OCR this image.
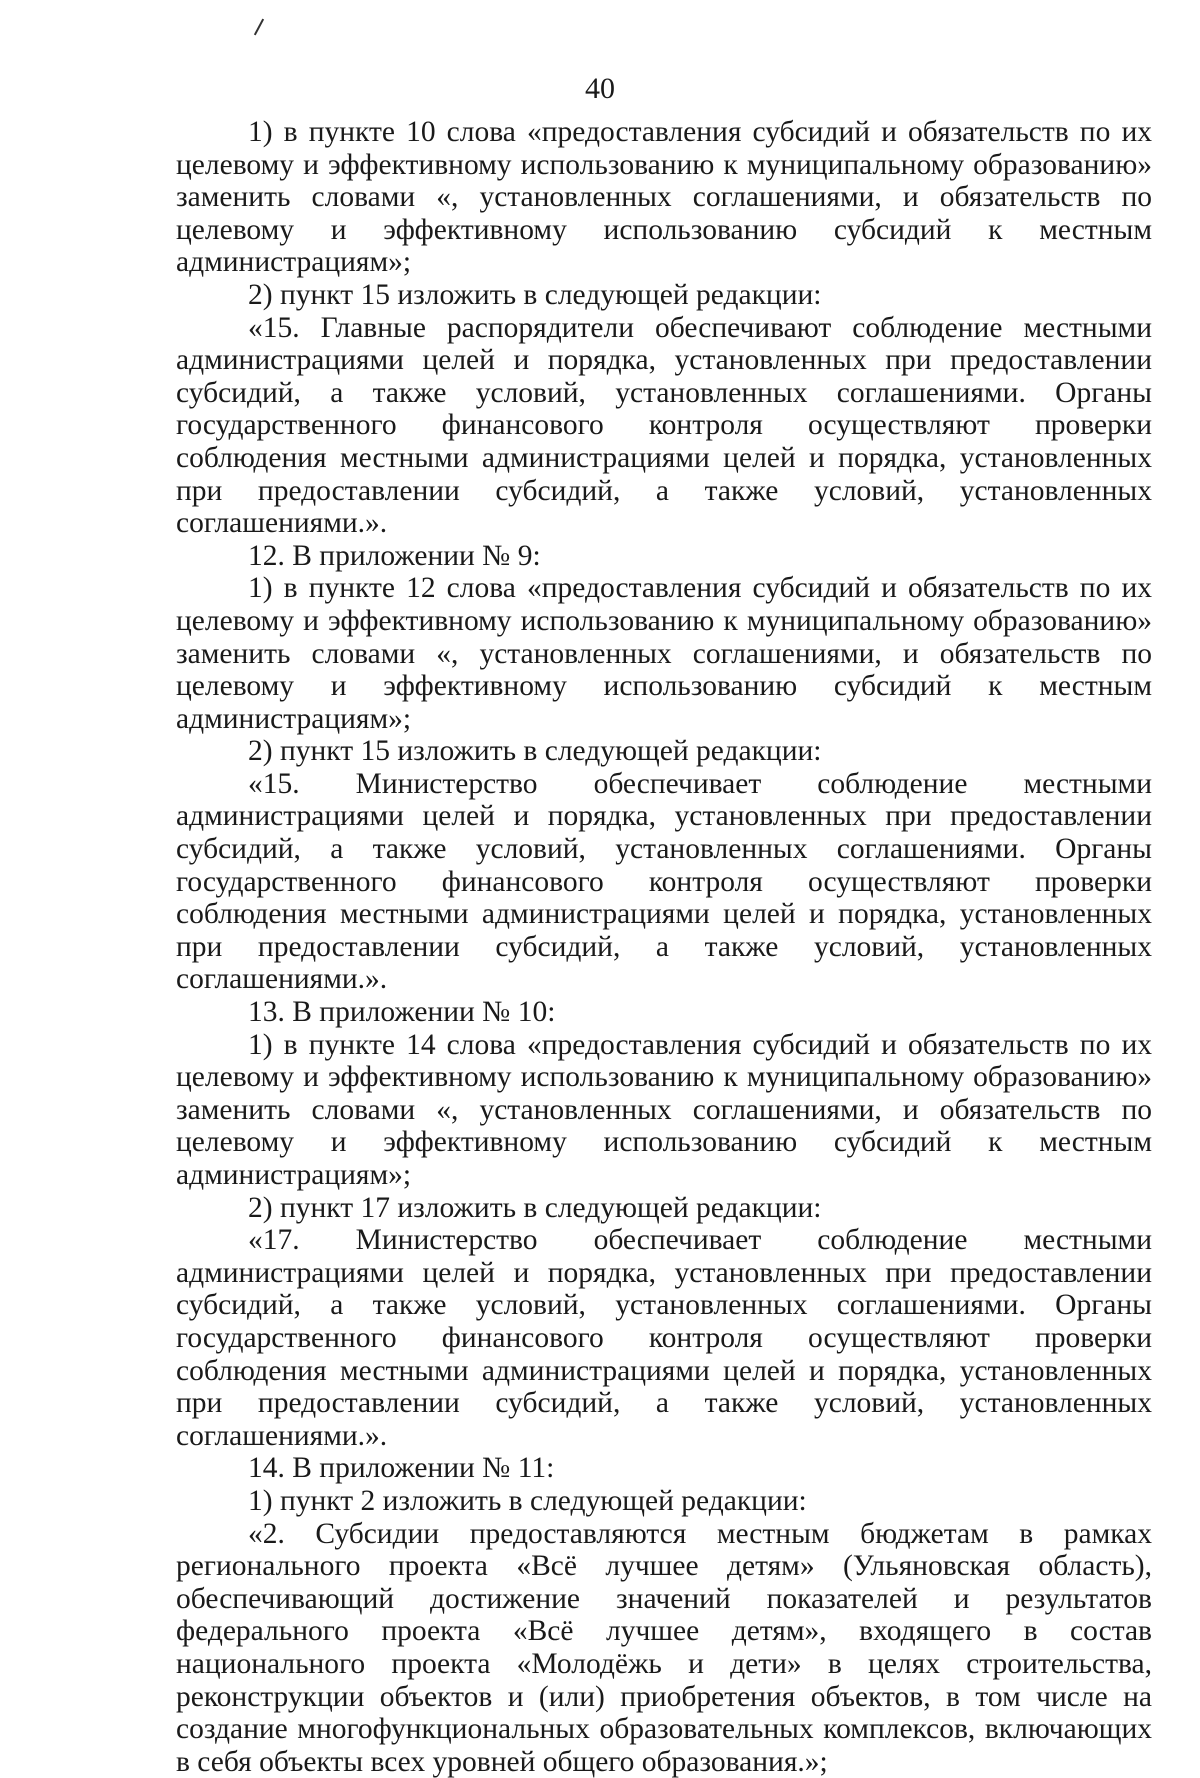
40

1) в пункте 10 слова «предоставления субсидий и обязательств по их целевому и эффективному использованию к муниципальному образованию» заменить словами «, установленных соглашениями, и обязательств по целевому и эффективному использованию субсидий к местным администрациям»;

2) пункт 15 изложить в следующей редакции:

«15. Главные распорядители обеспечивают соблюдение местными администрациями целей и порядка, установленных при предоставлении субсидий, а также условий, установленных соглашениями. Органы государственного финансового контроля осуществляют проверки соблюдения местными администрациями целей и порядка, установленных при предоставлении субсидий, а также условий, установленных соглашениями.».

12. В приложении № 9:

1) в пункте 12 слова «предоставления субсидий и обязательств по их целевому и эффективному использованию к муниципальному образованию» заменить словами «, установленных соглашениями, и обязательств по целевому и эффективному использованию субсидий к местным администрациям»;

2) пункт 15 изложить в следующей редакции:

«15. Министерство обеспечивает соблюдение местными администрациями целей и порядка, установленных при предоставлении субсидий, а также условий, установленных соглашениями. Органы государственного финансового контроля осуществляют проверки соблюдения местными администрациями целей и порядка, установленных при предоставлении субсидий, а также условий, установленных соглашениями.».

13. В приложении № 10:

1) в пункте 14 слова «предоставления субсидий и обязательств по их целевому и эффективному использованию к муниципальному образованию» заменить словами «, установленных соглашениями, и обязательств по целевому и эффективному использованию субсидий к местным администрациям»;

2) пункт 17 изложить в следующей редакции:

«17. Министерство обеспечивает соблюдение местными администрациями целей и порядка, установленных при предоставлении субсидий, а также условий, установленных соглашениями. Органы государственного финансового контроля осуществляют проверки соблюдения местными администрациями целей и порядка, установленных при предоставлении субсидий, а также условий, установленных соглашениями.».

14. В приложении № 11:

1) пункт 2 изложить в следующей редакции:

«2. Субсидии предоставляются местным бюджетам в рамках регионального проекта «Всё лучшее детям» (Ульяновская область), обеспечивающий достижение значений показателей и результатов федерального проекта «Всё лучшее детям», входящего в состав национального проекта «Молодёжь и дети» в целях строительства, реконструкции объектов и (или) приобретения объектов, в том числе на создание многофункциональных образовательных комплексов, включающих в себя объекты всех уровней общего образования.»;
